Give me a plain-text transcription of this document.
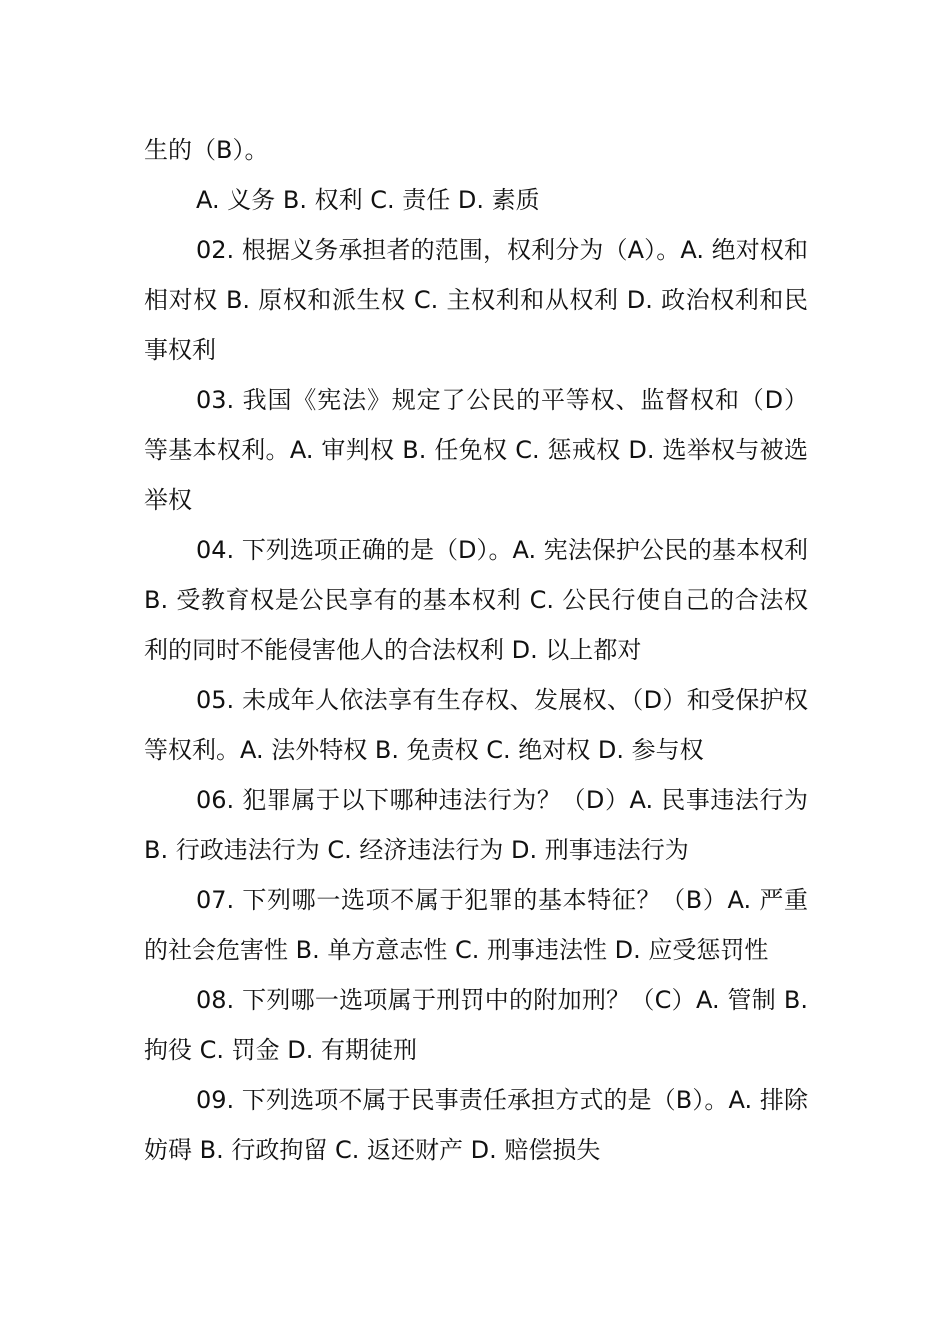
生的（B）。

A. 义务 B. 权利 C. 责任 D. 素质

02. 根据义务承担者的范围，权利分为（A）。A. 绝对权和相对权 B. 原权和派生权 C. 主权利和从权利 D. 政治权利和民事权利

03. 我国《宪法》规定了公民的平等权、监督权和（D）等基本权利。A. 审判权 B. 任免权 C. 惩戒权 D. 选举权与被选举权

04. 下列选项正确的是（D）。A. 宪法保护公民的基本权利 B. 受教育权是公民享有的基本权利 C. 公民行使自己的合法权利的同时不能侵害他人的合法权利 D. 以上都对

05. 未成年人依法享有生存权、发展权、（D）和受保护权等权利。A. 法外特权 B. 免责权 C. 绝对权 D. 参与权

06. 犯罪属于以下哪种违法行为？（D）A. 民事违法行为 B. 行政违法行为 C. 经济违法行为 D. 刑事违法行为

07. 下列哪一选项不属于犯罪的基本特征？（B）A. 严重的社会危害性 B. 单方意志性 C. 刑事违法性 D. 应受惩罚性

08. 下列哪一选项属于刑罚中的附加刑？（C）A. 管制 B. 拘役 C. 罚金 D. 有期徒刑

09. 下列选项不属于民事责任承担方式的是（B）。A. 排除妨碍 B. 行政拘留 C. 返还财产 D. 赔偿损失
